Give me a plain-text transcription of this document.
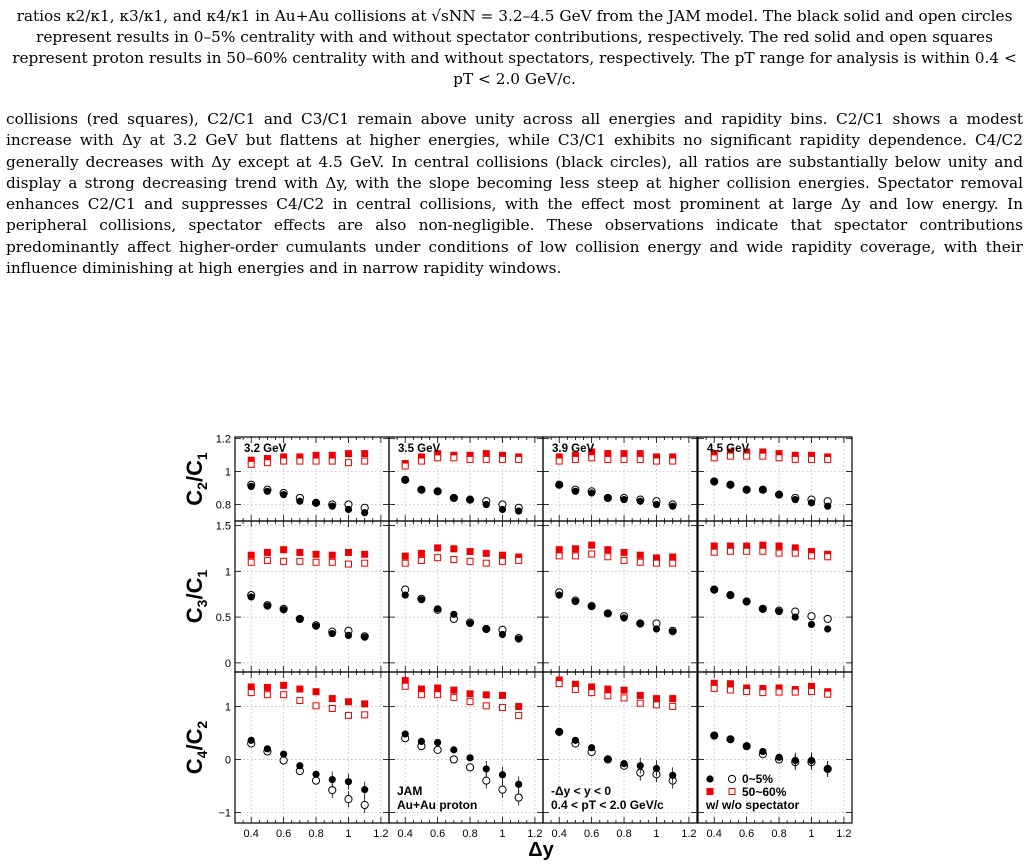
ratios κ2/κ1, κ3/κ1, and κ4/κ1 in Au+Au collisions at √sNN = 3.2–4.5 GeV from the JAM model. The black solid and open circles represent results in 0–5% centrality with and without spectator contributions, respectively. The red solid and open squares represent proton results in 50–60% centrality with and without spectators, respectively. The pT range for analysis is within 0.4 < pT < 2.0 GeV/c.

collisions (red squares), C2/C1 and C3/C1 remain above unity across all energies and rapidity bins. C2/C1 shows a modest increase with Δy at 3.2 GeV but flattens at higher energies, while C3/C1 exhibits no significant rapidity dependence. C4/C2 generally decreases with Δy except at 4.5 GeV. In central collisions (black circles), all ratios are substantially below unity and display a strong decreasing trend with Δy, with the slope becoming less steep at higher collision energies. Spectator removal enhances C2/C1 and suppresses C4/C2 in central collisions, with the effect most prominent at large Δy and low energy. In peripheral collisions, spectator effects are also non-negligible. These observations indicate that spectator contributions predominantly affect higher-order cumulants under conditions of low collision energy and wide rapidity coverage, with their influence diminishing at high energies and in narrow rapidity windows.

3.2 GeV	3.5 GeV	3.9 GeV	4.5 GeV
0.8
1
1.2
$C_2/C_1$
0
0.5
1
1.5
$C_3/C_1$
−1
0
1
$C_4/C_2$
0.4 0.6 0.8 1 1.2 0.4 0.6 0.8 1 1.2 0.4 0.6 0.8 1 1.2 0.4 0.6 0.8 1 1.2
Δy
JAM
Au+Au proton
-Δy < y < 0
0.4 < pT < 2.0 GeV/c
0~5%
50~60%
w/ w/o spectator
